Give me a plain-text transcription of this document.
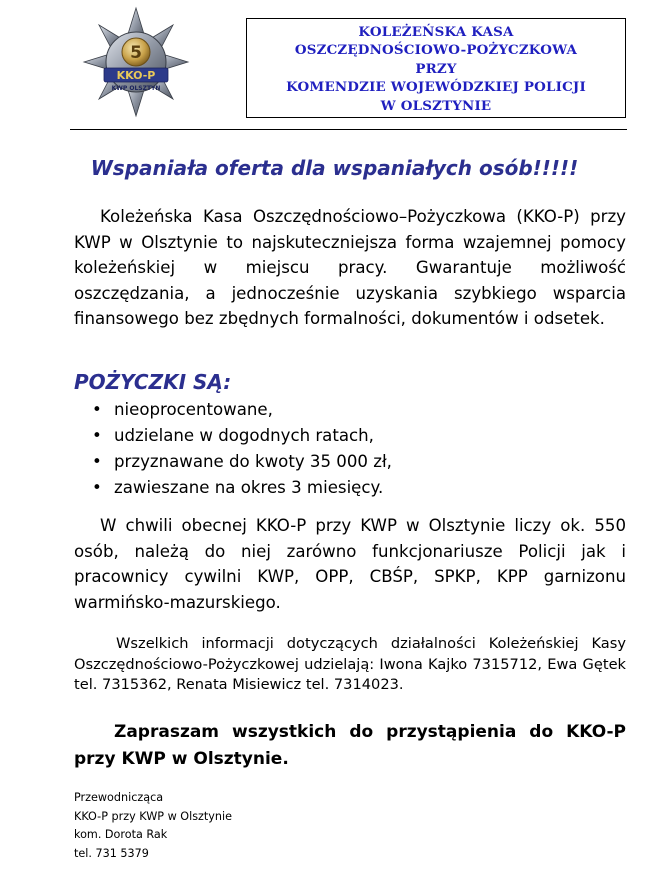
5
KKO-P
KWP OLSZTYN

KOLEŻEŃSKA KASA

OSZCZĘDNOŚCIOWO-POŻYCZKOWA

PRZY

KOMENDZIE WOJEWÓDZKIEJ POLICJI

W OLSZTYNIE

Wspaniała oferta dla wspaniałych osób!!!!!
Koleżeńska Kasa Oszczędnościowo–Pożyczkowa (KKO-P) przy KWP w Olsztynie to najskuteczniejsza forma wzajemnej pomocy koleżeńskiej w miejscu pracy. Gwarantuje możliwość oszczędzania, a jednocześnie uzyskania szybkiego wsparcia finansowego bez zbędnych formalności, dokumentów i odsetek.
POŻYCZKI SĄ:
• nieoprocentowane,
• udzielane w dogodnych ratach,
• przyznawane do kwoty 35 000 zł,
• zawieszane na okres 3 miesięcy.
W chwili obecnej KKO-P przy KWP w Olsztynie liczy ok. 550 osób, należą do niej zarówno funkcjonariusze Policji jak i pracownicy cywilni KWP, OPP, CBŚP, SPKP, KPP garnizonu warmińsko-mazurskiego.
Wszelkich informacji dotyczących działalności Koleżeńskiej Kasy Oszczędnościowo-Pożyczkowej udzielają: Iwona Kajko 7315712, Ewa Gętek tel. 7315362, Renata Misiewicz tel. 7314023.
Zapraszam wszystkich do przystąpienia do KKO-P przy KWP w Olsztynie.
Przewodnicząca
KKO-P przy KWP w Olsztynie
kom. Dorota Rak
tel. 731 5379
